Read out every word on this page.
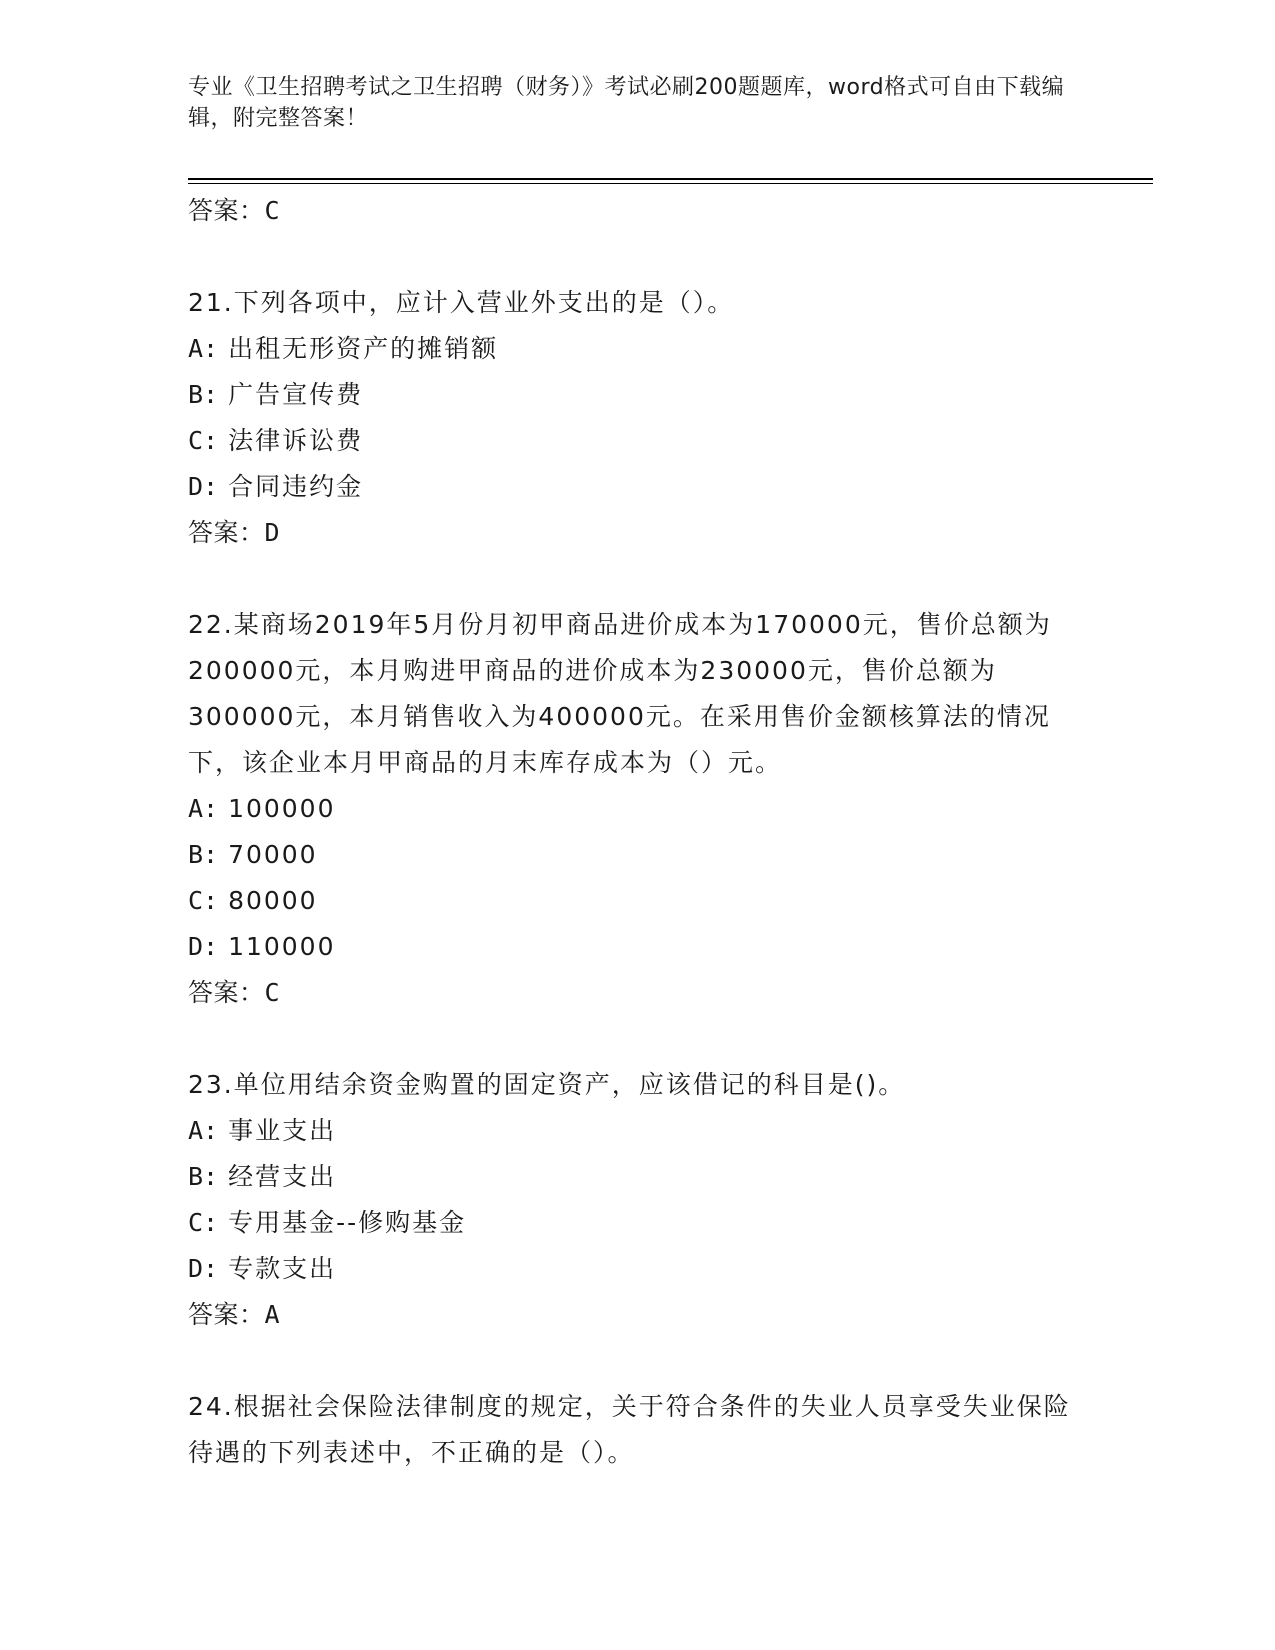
专业《卫生招聘考试之卫生招聘（财务）》考试必刷200题题库，word格式可自由下载编辑，附完整答案！
答案：C
21.下列各项中，应计入营业外支出的是（）。
A: 出租无形资产的摊销额
B: 广告宣传费
C: 法律诉讼费
D: 合同违约金
答案：D
22.某商场2019年5月份月初甲商品进价成本为170000元，售价总额为200000元，本月购进甲商品的进价成本为230000元，售价总额为300000元，本月销售收入为400000元。在采用售价金额核算法的情况下，该企业本月甲商品的月末库存成本为（）元。
A: 100000
B: 70000
C: 80000
D: 110000
答案：C
23.单位用结余资金购置的固定资产，应该借记的科目是()。
A: 事业支出
B: 经营支出
C: 专用基金--修购基金
D: 专款支出
答案：A
24.根据社会保险法律制度的规定，关于符合条件的失业人员享受失业保险待遇的下列表述中，不正确的是（）。
